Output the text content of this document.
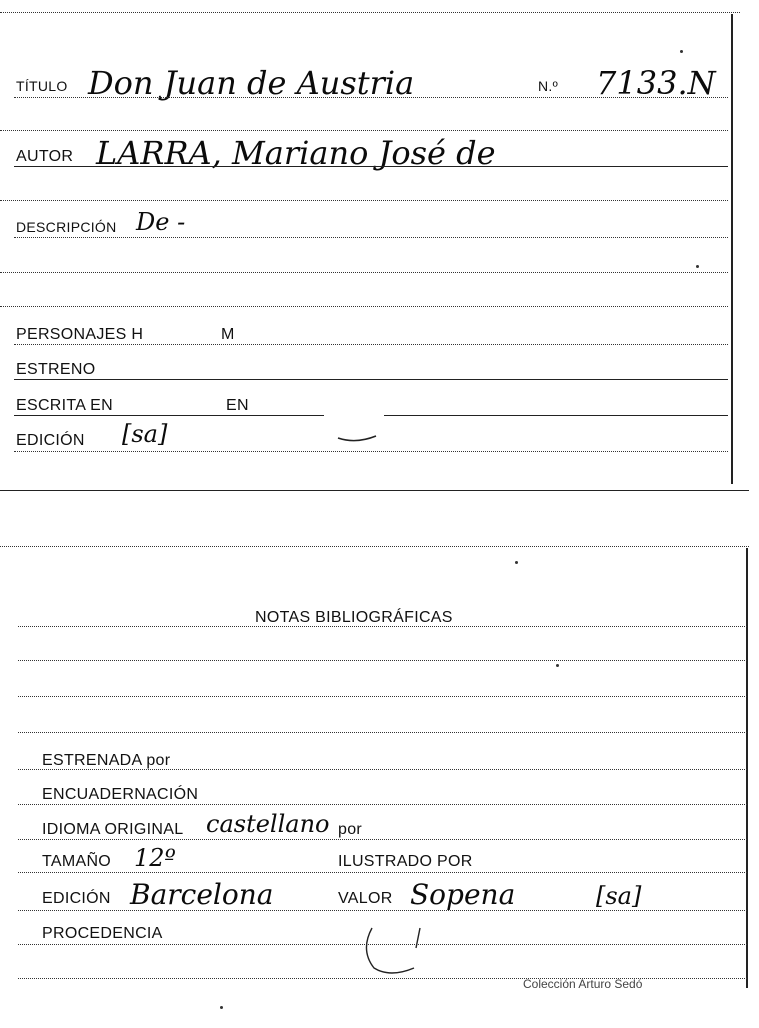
TÍTULO Don Juan de Austria	N.º 7133.N
AUTOR LARRA, Mariano José de
DESCRIPCIÓN De -
PERSONAJES H	M
ESTRENO
ESCRITA EN	EN
EDICIÓN [sa]
NOTAS BIBLIOGRÁFICAS
ESTRENADA por
ENCUADERNACIÓN
IDIOMA ORIGINAL castellano por
TAMAÑO 12º	ILUSTRADO POR
EDICIÓN Barcelona	VALOR Sopena	[sa]
PROCEDENCIA
Colección Arturo Sedó
